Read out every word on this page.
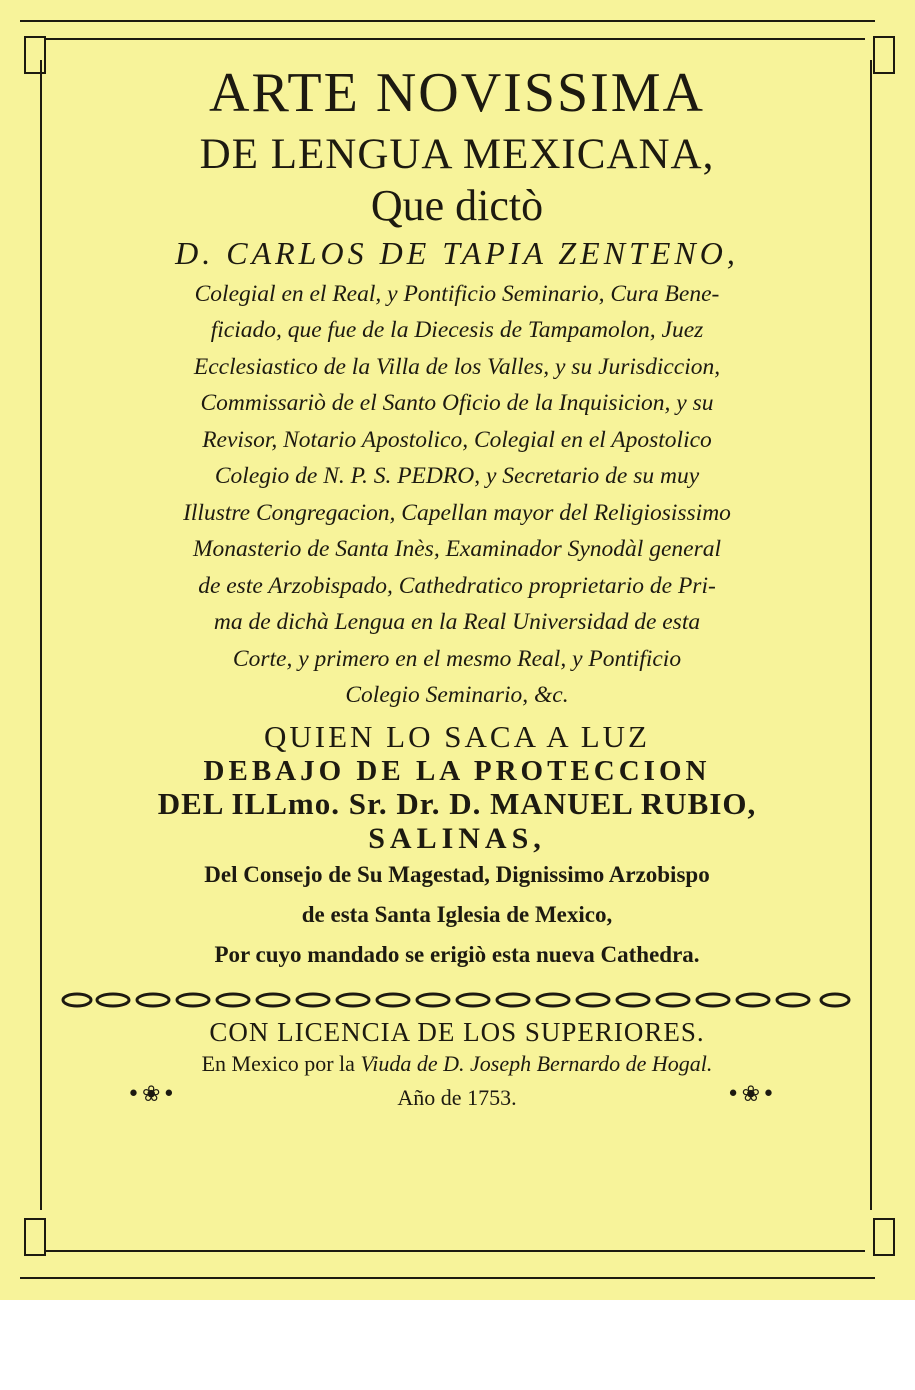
ARTE NOVISSIMA

DE LENGUA MEXICANA,

Que dictò

D. CARLOS DE TAPIA ZENTENO,

Colegial en el Real, y Pontificio Seminario, Cura Bene-
ficiado, que fue de la Diecesis de Tampamolon, Juez
Ecclesiastico de la Villa de los Valles, y su Jurisdiccion,
Commissariò de el Santo Oficio de la Inquisicion, y su
Revisor, Notario Apostolico, Colegial en el Apostolico
Colegio de N. P. S. PEDRO, y Secretario de su muy
Illustre Congregacion, Capellan mayor del Religiosissimo
Monasterio de Santa Inès, Examinador Synodàl general
de este Arzobispado, Cathedratico proprietario de Pri-
ma de dichà Lengua en la Real Universidad de esta
Corte, y primero en el mesmo Real, y Pontificio
Colegio Seminario, &c.

QUIEN LO SACA A LUZ

DEBAJO DE LA PROTECCION

DEL ILLmo. Sr. Dr. D. MANUEL RUBIO,

SALINAS,

Del Consejo de Su Magestad, Dignissimo Arzobispo

de esta Santa Iglesia de Mexico,

Por cuyo mandado se erigiò esta nueva Cathedra.

CON LICENCIA DE LOS SUPERIORES.

En Mexico por la Viuda de D. Joseph Bernardo de Hogal.

•❀•	Año de 1753.	•❀•
